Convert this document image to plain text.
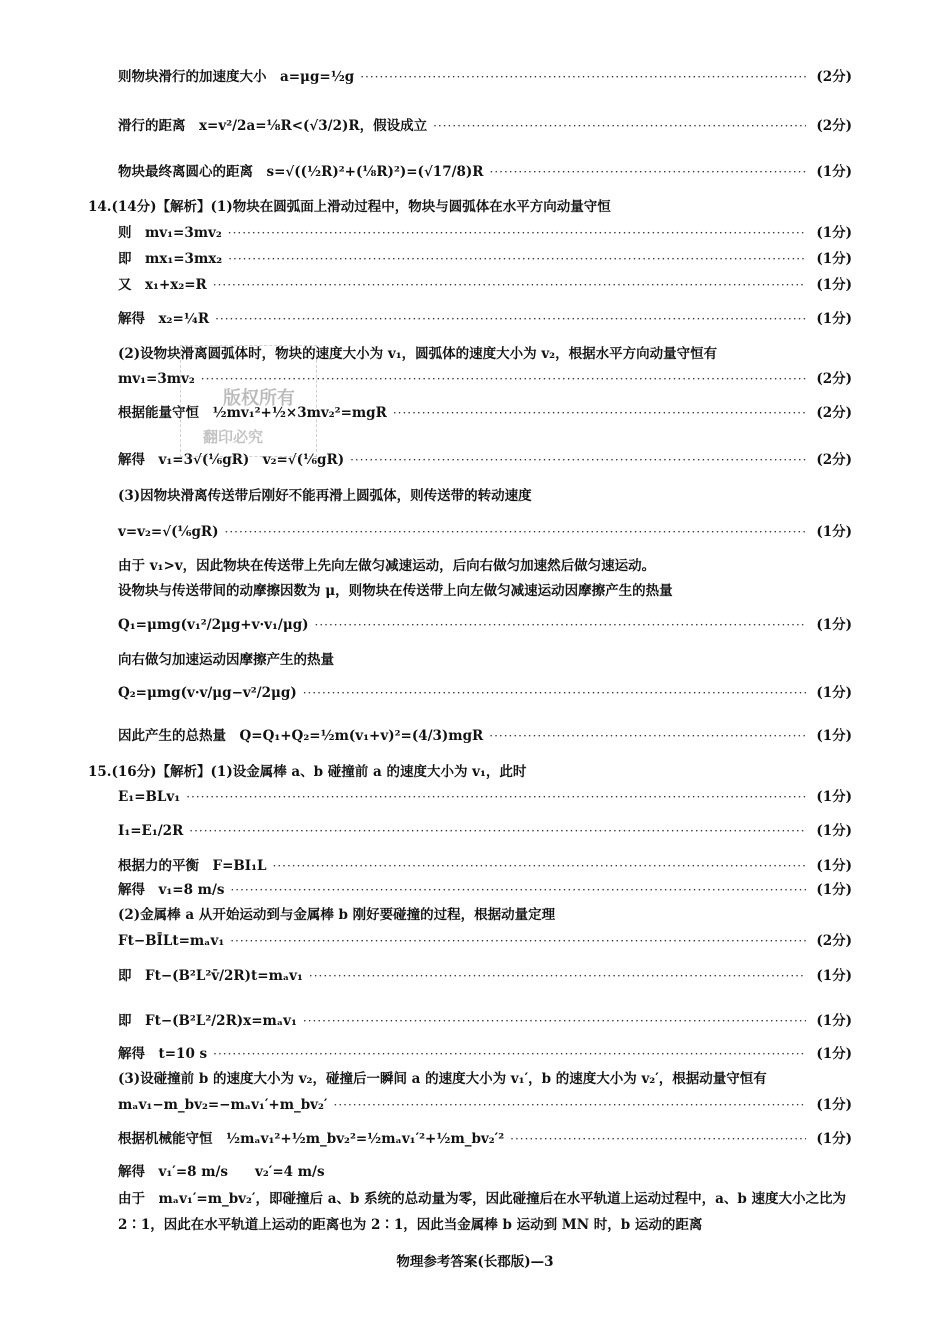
则物块滑行的加速度大小　a=μg=½g ·····	(2分)
滑行的距离　x=v²/2a=⅛R<(√3/2)R，假设成立 ·····	(2分)
物块最终离圆心的距离　s=√((½R)²+(⅛R)²)=(√17/8)R ·····	(1分)
14.(14分)【解析】(1)物块在圆弧面上滑动过程中，物块与圆弧体在水平方向动量守恒
则　mv₁=3mv₂ ·····	(1分)
即　mx₁=3mx₂ ·····	(1分)
又　x₁+x₂=R ·····	(1分)
解得　x₂=¼R ·····	(1分)
(2)设物块滑离圆弧体时，物块的速度大小为 v₁，圆弧体的速度大小为 v₂，根据水平方向动量守恒有
mv₁=3mv₂ ·····	(2分)
根据能量守恒　½mv₁²+½×3mv₂²=mgR ·····	(2分)
解得　v₁=3√(⅙gR)　v₂=√(⅙gR) ·····	(2分)
版权所有
翻印必究
(3)因物块滑离传送带后刚好不能再滑上圆弧体，则传送带的转动速度
v=v₂=√(⅙gR) ·····	(1分)
由于 v₁>v，因此物块在传送带上先向左做匀减速运动，后向右做匀加速然后做匀速运动。
设物块与传送带间的动摩擦因数为 μ，则物块在传送带上向左做匀减速运动因摩擦产生的热量
Q₁=μmg(v₁²/2μg+v·v₁/μg) ·····	(1分)
向右做匀加速运动因摩擦产生的热量
Q₂=μmg(v·v/μg−v²/2μg) ·····	(1分)
因此产生的总热量　Q=Q₁+Q₂=½m(v₁+v)²=(4/3)mgR ·····	(1分)
15.(16分)【解析】(1)设金属棒 a、b 碰撞前 a 的速度大小为 v₁，此时
E₁=BLv₁ ·····	(1分)
I₁=E₁/2R ·····	(1分)
根据力的平衡　F=BI₁L ·····	(1分)
解得　v₁=8 m/s ·····	(1分)
(2)金属棒 a 从开始运动到与金属棒 b 刚好要碰撞的过程，根据动量定理
Ft−BĪLt=mₐv₁ ·····	(2分)
即　Ft−(B²L²v̄/2R)t=mₐv₁ ·····	(1分)
即　Ft−(B²L²/2R)x=mₐv₁ ·····	(1分)
解得　t=10 s ·····	(1分)
(3)设碰撞前 b 的速度大小为 v₂，碰撞后一瞬间 a 的速度大小为 v₁′，b 的速度大小为 v₂′，根据动量守恒有
mₐv₁−m_bv₂=−mₐv₁′+m_bv₂′ ·····	(1分)
根据机械能守恒　½mₐv₁²+½m_bv₂²=½mₐv₁′²+½m_bv₂′² ·····	(1分)
解得　v₁′=8 m/s　　v₂′=4 m/s
由于　mₐv₁′=m_bv₂′，即碰撞后 a、b 系统的总动量为零，因此碰撞后在水平轨道上运动过程中，a、b 速度大小之比为
2∶1，因此在水平轨道上运动的距离也为 2∶1，因此当金属棒 b 运动到 MN 时，b 运动的距离
物理参考答案(长郡版)—3
